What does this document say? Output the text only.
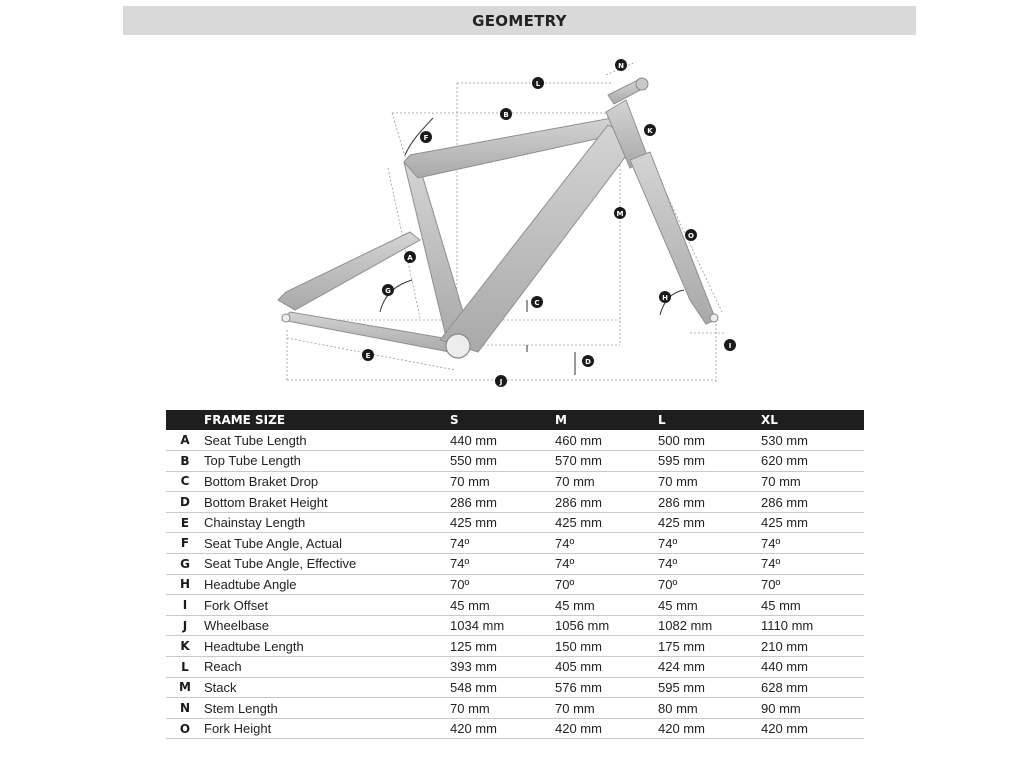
GEOMETRY
A
B
C
D
E
F
G
H
I
J
K
L
M
N
O
	FRAME SIZE	S	M	L	XL
A	Seat Tube Length	440 mm	460 mm	500 mm	530 mm
B	Top Tube Length	550 mm	570 mm	595 mm	620 mm
C	Bottom Braket Drop	70 mm	70 mm	70 mm	70 mm
D	Bottom Braket Height	286 mm	286 mm	286 mm	286 mm
E	Chainstay Length	425 mm	425 mm	425 mm	425 mm
F	Seat Tube Angle, Actual	74º	74º	74º	74º
G	Seat Tube Angle, Effective	74º	74º	74º	74º
H	Headtube Angle	70º	70º	70º	70º
I	Fork Offset	45 mm	45 mm	45 mm	45 mm
J	Wheelbase	1034 mm	1056 mm	1082 mm	1110 mm
K	Headtube Length	125 mm	150 mm	175 mm	210 mm
L	Reach	393 mm	405 mm	424 mm	440 mm
M	Stack	548 mm	576 mm	595 mm	628 mm
N	Stem Length	70 mm	70 mm	80 mm	90 mm
O	Fork Height	420 mm	420 mm	420 mm	420 mm
